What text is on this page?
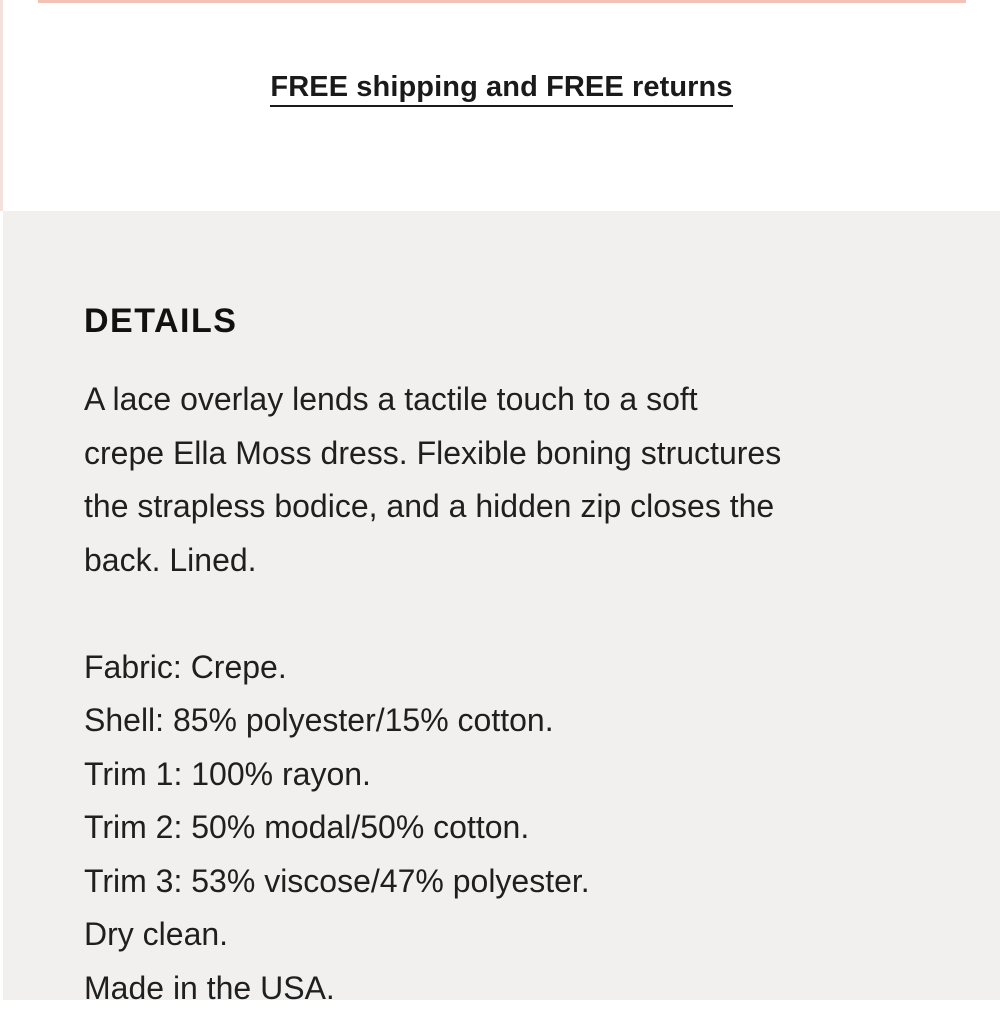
FREE shipping and FREE returns
DETAILS
A lace overlay lends a tactile touch to a soft
crepe Ella Moss dress. Flexible boning structures
the strapless bodice, and a hidden zip closes the
back. Lined.
Fabric: Crepe.
Shell: 85% polyester/15% cotton.
Trim 1: 100% rayon.
Trim 2: 50% modal/50% cotton.
Trim 3: 53% viscose/47% polyester.
Dry clean.
Made in the USA.
